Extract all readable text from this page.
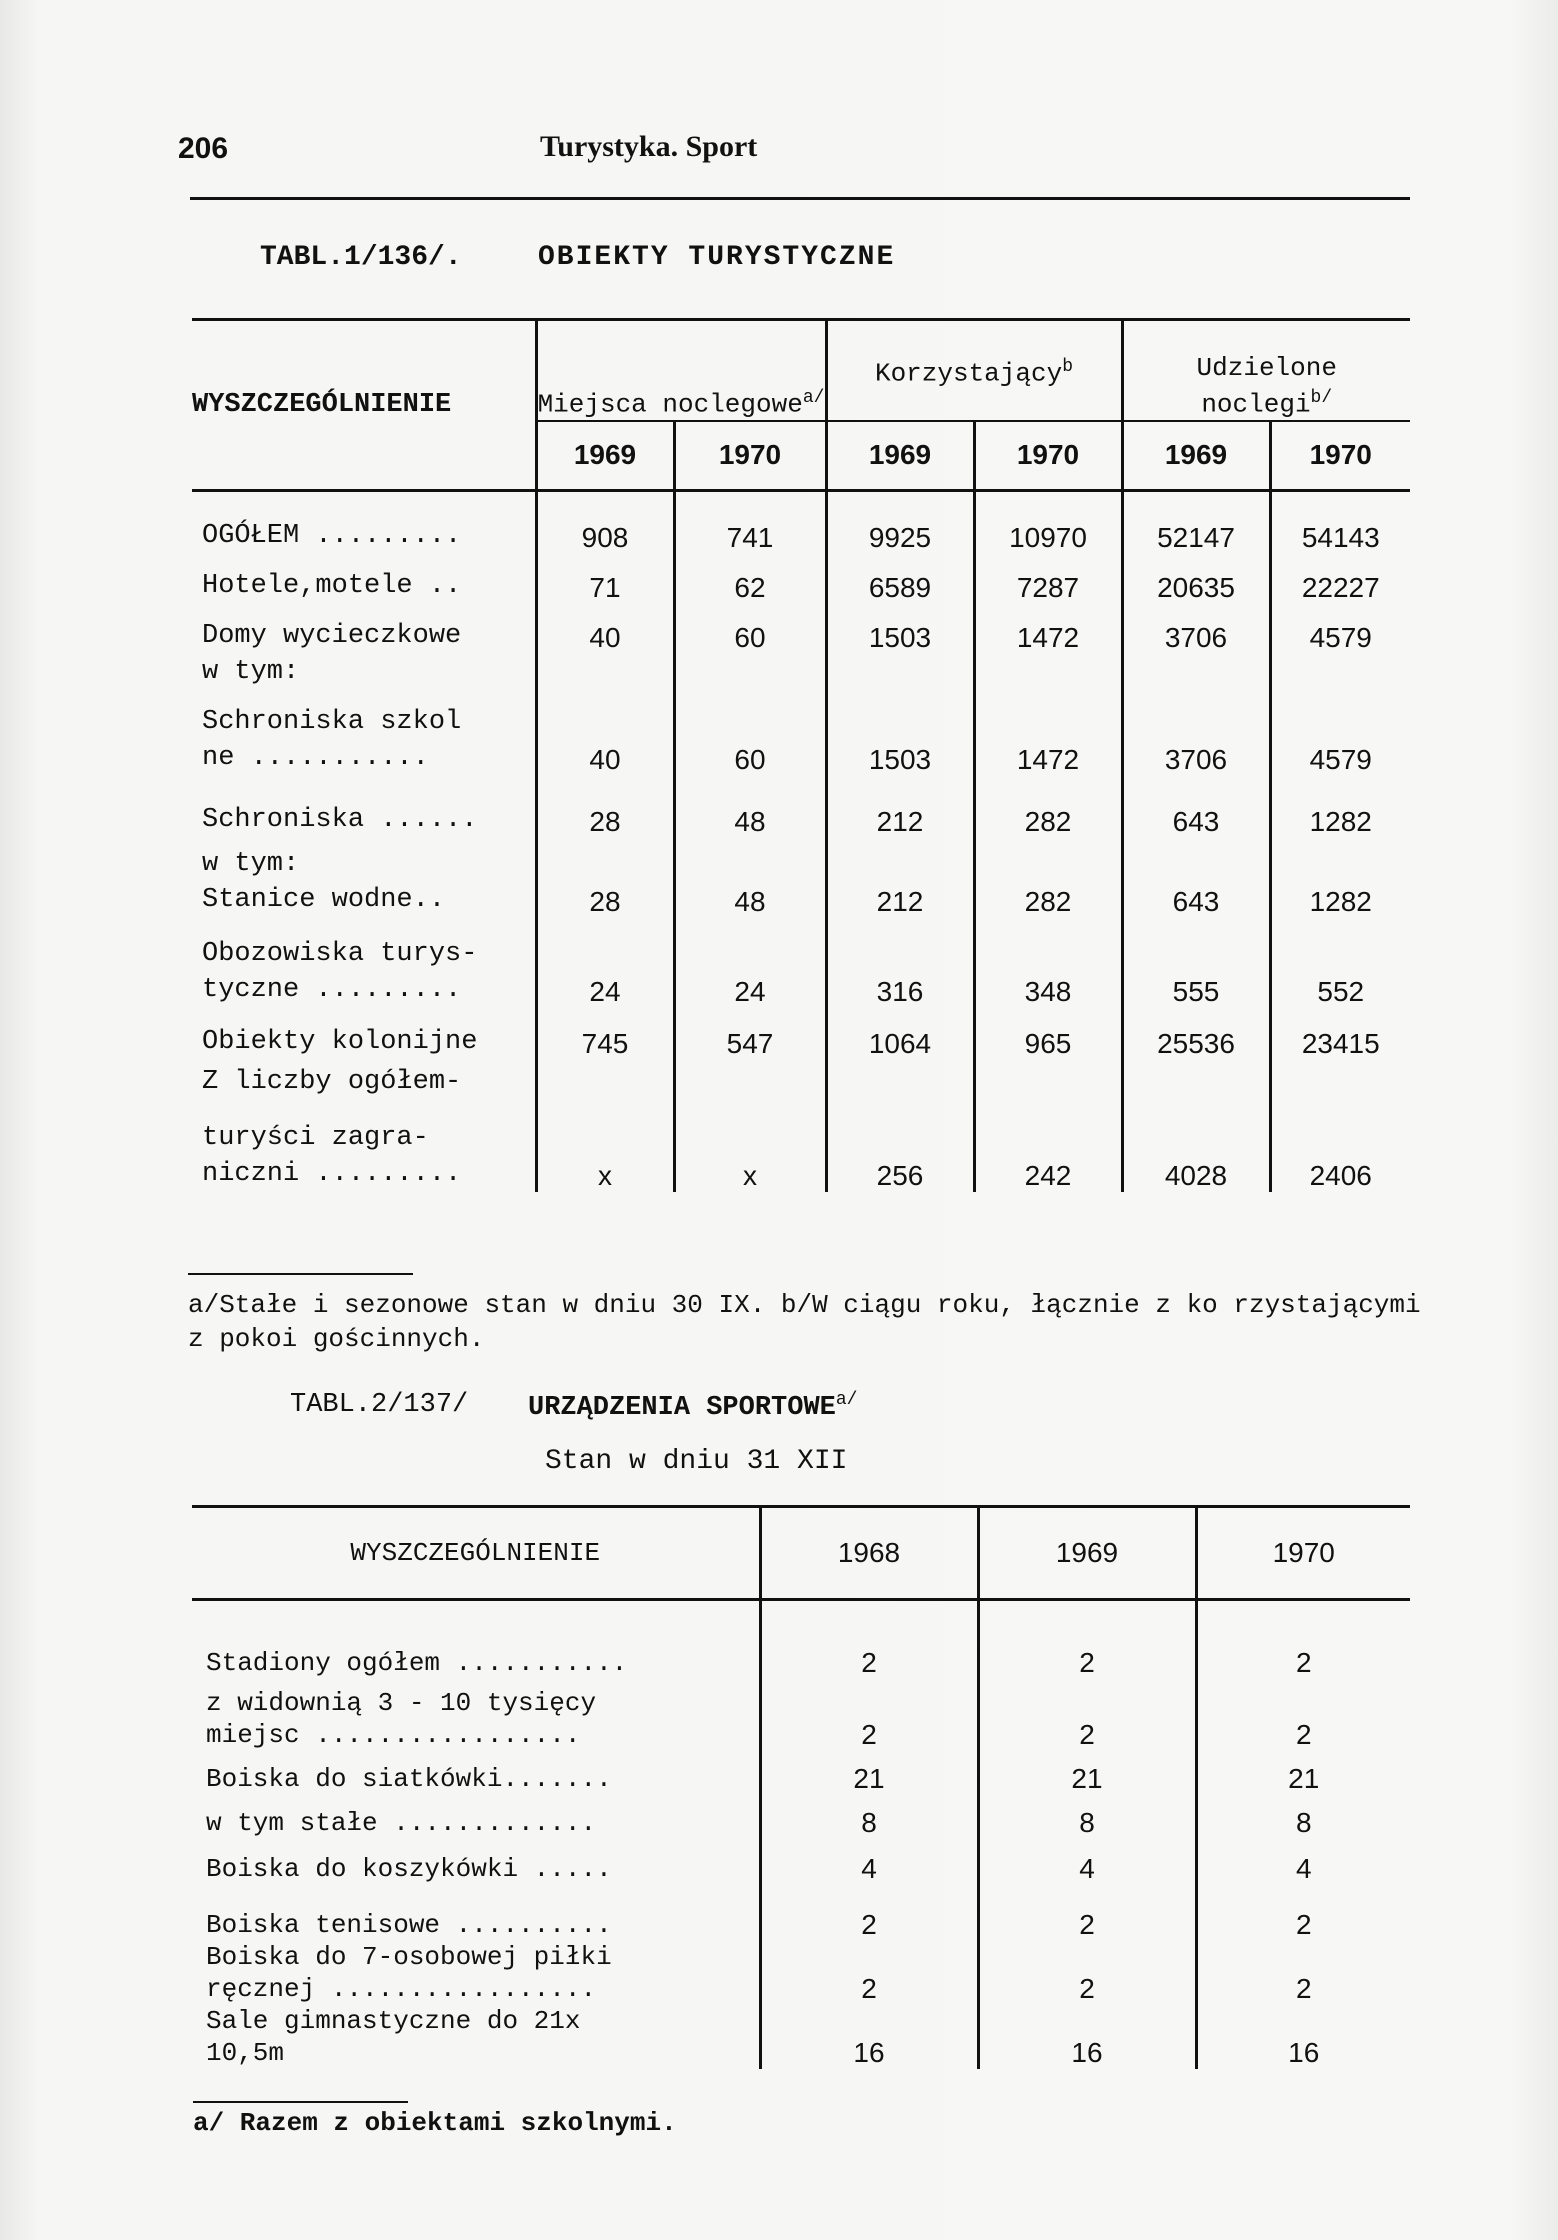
206	Turystyka. Sport
TABL.1/136/.	OBIEKTY TURYSTYCZNE
WYSZCZEGÓLNIENIE	Miejsca noclegowe$^{a/}$		Korzystający$^b$		Udzielone noclegi$^{b/}$
	1969	1970	1969	1970	1969	1970

OGÓŁEM .........	908	741	9925	10970	52147	54143

Hotele,motele ..	71	62	6589	7287	20635	22227

Domy wycieczkowe	40	60	1503	1472	3706	4579

w tym:						

Schroniska szkol
ne ...........	40	60	1503	1472	3706	4579

Schroniska ......	28	48	212	282	643	1282

w tym:
Stanice wodne..	28	48	212	282	643	1282

Obozowiska turys-
tyczne .........	24	24	316	348	555	552

Obiekty kolonijne	745	547	1064	965	25536	23415

Z liczby ogółem-						

turyści zagra-
niczni .........	x	x	256	242	4028	2406
a/Stałe i sezonowe stan w dniu 30 IX. b/W ciągu roku, łącznie z ko rzystającymi z pokoi gościnnych.
TABL.2/137/ URZĄDZENIA $SPORTOWE^{a/}$
Stan w dniu 31 XII
WYSZCZEGÓLNIENIE	1968	1969	1970

Stadiony ogółem ...........	2	2	2

z widownią 3 - 10 tysięcy
miejsc .................	2	2	2

Boiska do siatkówki.......	21	21	21

w tym stałe .............	8	8	8

Boiska do koszykówki .....	4	4	4

Boiska tenisowe ..........	2	2	2

Boiska do 7-osobowej piłki
ręcznej .................	2	2	2

Sale gimnastyczne do 21x
10,5m	16	16	16
a/ Razem z obiektami szkolnymi.
